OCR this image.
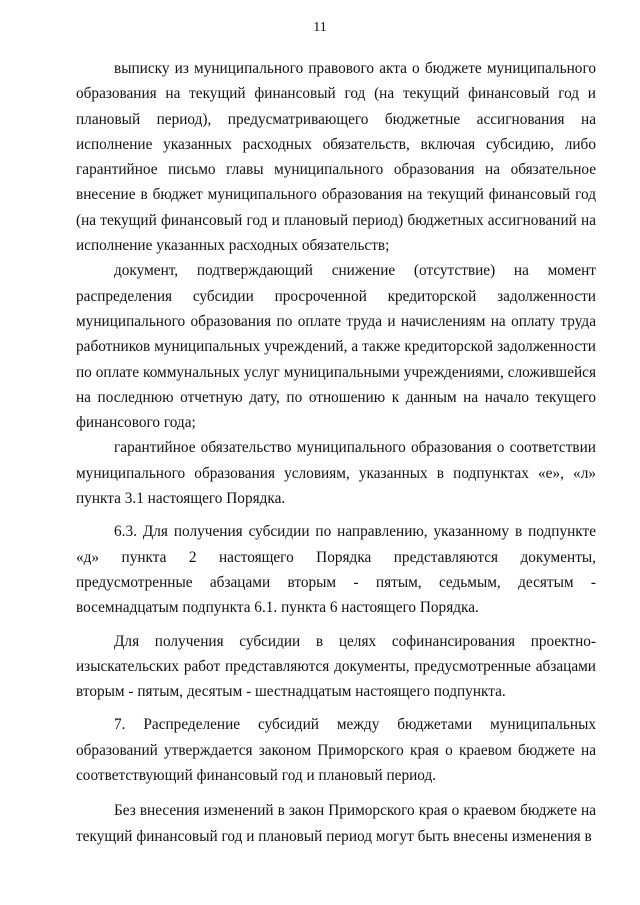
11

выписку из муниципального правового акта о бюджете муниципального образования на текущий финансовый год (на текущий финансовый год и плановый период), предусматривающего бюджетные ассигнования на исполнение указанных расходных обязательств, включая субсидию, либо гарантийное письмо главы муниципального образования на обязательное внесение в бюджет муниципального образования на текущий финансовый год (на текущий финансовый год и плановый период) бюджетных ассигнований на исполнение указанных расходных обязательств;

документ, подтверждающий снижение (отсутствие) на момент распределения субсидии просроченной кредиторской задолженности муниципального образования по оплате труда и начислениям на оплату труда работников муниципальных учреждений, а также кредиторской задолженности по оплате коммунальных услуг муниципальными учреждениями, сложившейся на последнюю отчетную дату, по отношению к данным на начало текущего финансового года;

гарантийное обязательство муниципального образования о соответствии муниципального образования условиям, указанных в подпунктах «е», «л» пункта 3.1 настоящего Порядка.

6.3. Для получения субсидии по направлению, указанному в подпункте «д» пункта 2 настоящего Порядка представляются документы, предусмотренные абзацами вторым - пятым, седьмым, десятым - восемнадцатым подпункта 6.1. пункта 6 настоящего Порядка.

Для получения субсидии в целях софинансирования проектно-изыскательских работ представляются документы, предусмотренные абзацами вторым - пятым, десятым - шестнадцатым настоящего подпункта.

7. Распределение субсидий между бюджетами муниципальных образований утверждается законом Приморского края о краевом бюджете на соответствующий финансовый год и плановый период.

Без внесения изменений в закон Приморского края о краевом бюджете на текущий финансовый год и плановый период могут быть внесены изменения в
